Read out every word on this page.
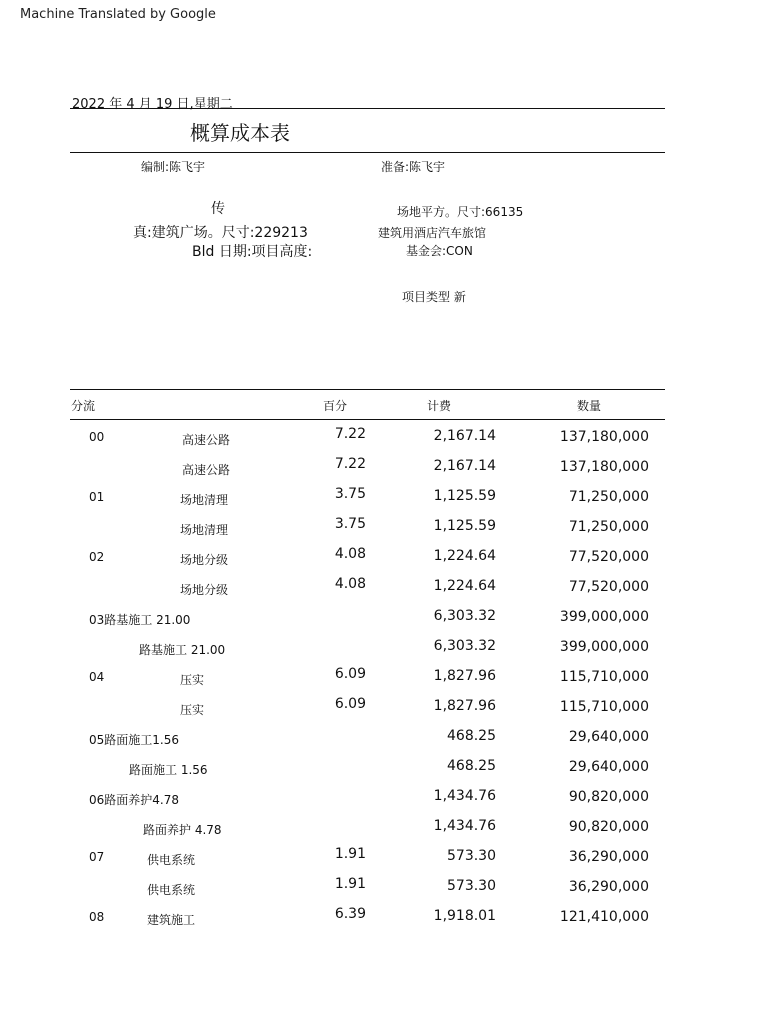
Machine Translated by Google
2022 年 4 月 19 日,星期二
概算成本表
编制:陈飞宇	准备:陈飞宇
传	场地平方。尺寸:66135
真:建筑广场。尺寸:229213	建筑用酒店汽车旅馆
Bld 日期:项目高度:	基金会:CON
项目类型 新
分流	百分	计费	数量
00	高速公路	7.22	2,167.14	137,180,000
高速公路	7.22	2,167.14	137,180,000
01	场地清理	3.75	1,125.59	71,250,000
场地清理	3.75	1,125.59	71,250,000
02	场地分级	4.08	1,224.64	77,520,000
场地分级	4.08	1,224.64	77,520,000
03路基施工 21.00	6,303.32	399,000,000
路基施工 21.00	6,303.32	399,000,000
04	压实	6.09	1,827.96	115,710,000
压实	6.09	1,827.96	115,710,000
05路面施工1.56	468.25	29,640,000
路面施工 1.56	468.25	29,640,000
06路面养护4.78	1,434.76	90,820,000
路面养护 4.78	1,434.76	90,820,000
07	供电系统	1.91	573.30	36,290,000
供电系统	1.91	573.30	36,290,000
08	建筑施工	6.39	1,918.01	121,410,000
